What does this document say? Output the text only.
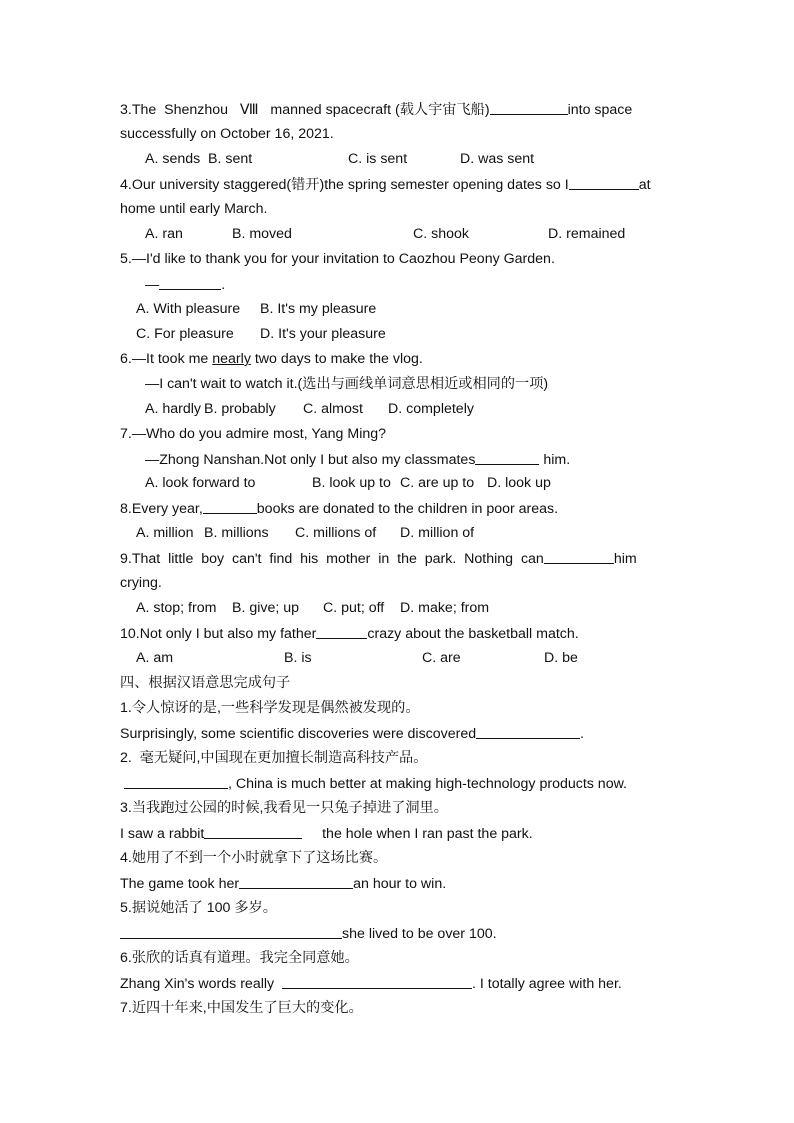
3.The  Shenzhou Ⅷ manned spacecraft (载人宇宙飞船)	into space
successfully on October 16, 2021.
A. sends B. sent	C. is sent	D. was sent
4.Our university staggered(错开)the spring semester opening dates so I	at
home until early March.
A. ran	B. moved	C. shook	D. remained
5.—I'd like to thank you for your invitation to Caozhou Peony Garden.
—	.
A. With pleasure B. It's my pleasure
C. For pleasure D. It's your pleasure
6.—It took me nearly two days to make the vlog.
—I can't wait to watch it.(选出与画线单词意思相近或相同的一项)
A. hardly B. probably C. almost D. completely
7.—Who do you admire most, Yang Ming?
—Zhong Nanshan.Not only I but also my classmates	him.
A. look forward to	B. look up to C. are up to D. look up
8.Every year,	books are donated to the children in poor areas.
A. million B. millions C. millions of D. million of
9.That  little  boy  can't  find  his  mother  in  the  park.  Nothing  can	him
crying.
A. stop; from B. give; up C. put; off D. make; from
10.Not only I but also my father	crazy about the basketball match.
A. am	B. is	C. are	D. be
四、根据汉语意思完成句子
1.令人惊讶的是,一些科学发现是偶然被发现的。
Surprisingly, some scientific discoveries were discovered	.
2.  毫无疑问,中国现在更加擅长制造高科技产品。
, China is much better at making high-technology products now.
3.当我跑过公园的时候,我看见一只兔子掉进了洞里。
I saw a rabbit	the hole when I ran past the park.
4.她用了不到一个小时就拿下了这场比赛。
The game took her	an hour to win.
5.据说她活了 100 多岁。
she lived to be over 100.
6.张欣的话真有道理。我完全同意她。
Zhang Xin's words really	. I totally agree with her.
7.近四十年来,中国发生了巨大的变化。
